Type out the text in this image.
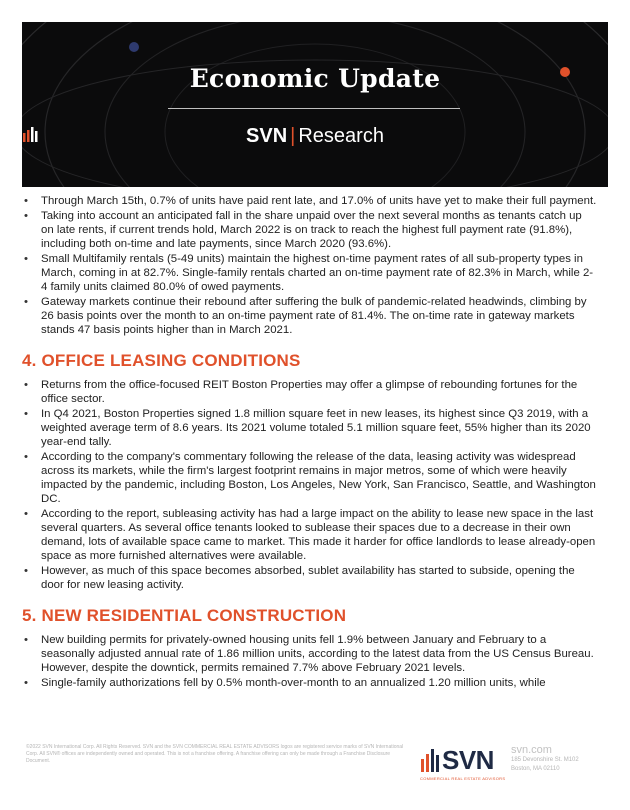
Economic Update
SVN | Research
• Through March 15th, 0.7% of units have paid rent late, and 17.0% of units have yet to make their full payment.
• Taking into account an anticipated fall in the share unpaid over the next several months as tenants catch up on late rents, if current trends hold, March 2022 is on track to reach the highest full payment rate (91.8%), including both on-time and late payments, since March 2020 (93.6%).
• Small Multifamily rentals (5-49 units) maintain the highest on-time payment rates of all sub-property types in March, coming in at 82.7%. Single-family rentals charted an on-time payment rate of 82.3% in March, while 2-4 family units claimed 80.0% of owed payments.
• Gateway markets continue their rebound after suffering the bulk of pandemic-related headwinds, climbing by 26 basis points over the month to an on-time payment rate of 81.4%. The on-time rate in gateway markets stands 47 basis points higher than in March 2021.
4. OFFICE LEASING CONDITIONS
• Returns from the office-focused REIT Boston Properties may offer a glimpse of rebounding fortunes for the office sector.
• In Q4 2021, Boston Properties signed 1.8 million square feet in new leases, its highest since Q3 2019, with a weighted average term of 8.6 years. Its 2021 volume totaled 5.1 million square feet, 55% higher than its 2020 year-end tally.
• According to the company's commentary following the release of the data, leasing activity was widespread across its markets, while the firm's largest footprint remains in major metros, some of which were heavily impacted by the pandemic, including Boston, Los Angeles, New York, San Francisco, Seattle, and Washington DC.
• According to the report, subleasing activity has had a large impact on the ability to lease new space in the last several quarters. As several office tenants looked to sublease their spaces due to a decrease in their own demand, lots of available space came to market. This made it harder for office landlords to lease already-open space as more furnished alternatives were available.
• However, as much of this space becomes absorbed, sublet availability has started to subside, opening the door for new leasing activity.
5. NEW RESIDENTIAL CONSTRUCTION
• New building permits for privately-owned housing units fell 1.9% between January and February to a seasonally adjusted annual rate of 1.86 million units, according to the latest data from the US Census Bureau. However, despite the downtick, permits remained 7.7% above February 2021 levels.
• Single-family authorizations fell by 0.5% month-over-month to an annualized 1.20 million units, while
©2022 SVN International Corp. All Rights Reserved. SVN and the SVN COMMERCIAL REAL ESTATE ADVISORS logos are registered service marks of SVN International Corp. All SVN® offices are independently owned and operated. This is not a franchise offering. A franchise offering can only be made through a Franchise Disclosure Document.	SVN
COMMERCIAL REAL ESTATE ADVISORS
svn.com
185 Devonshire St. M102
Boston, MA 02110
